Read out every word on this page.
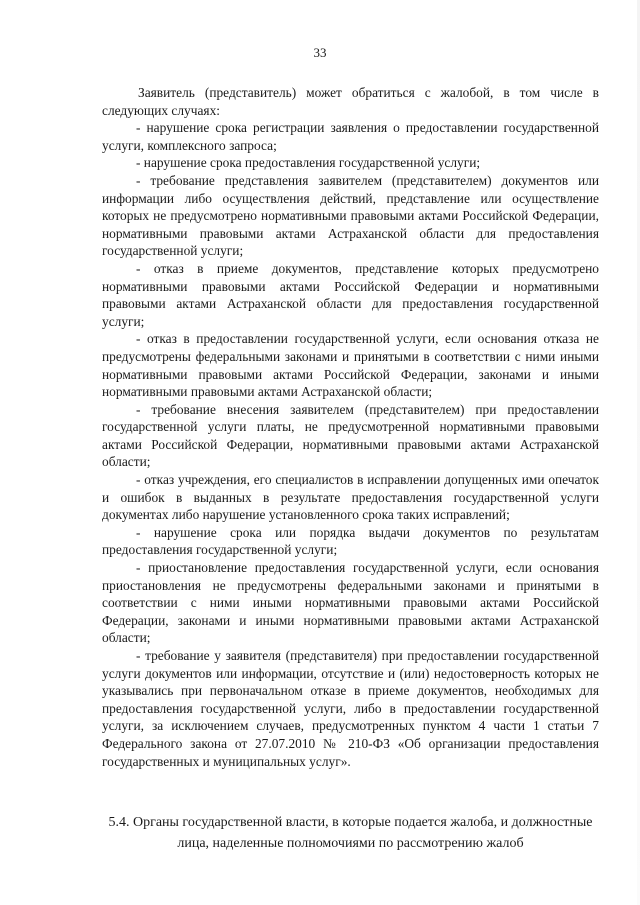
33

Заявитель (представитель) может обратиться с жалобой, в том числе в следующих случаях:

- нарушение срока регистрации заявления о предоставлении государственной услуги, комплексного запроса;

- нарушение срока предоставления государственной услуги;

- требование представления заявителем (представителем) документов или информации либо осуществления действий, представление или осуществление которых не предусмотрено нормативными правовыми актами Российской Федерации, нормативными правовыми актами Астраханской области для предоставления государственной услуги;

- отказ в приеме документов, представление которых предусмотрено нормативными правовыми актами Российской Федерации и нормативными правовыми актами Астраханской области для предоставления государственной услуги;

- отказ в предоставлении государственной услуги, если основания отказа не предусмотрены федеральными законами и принятыми в соответствии с ними иными нормативными правовыми актами Российской Федерации, законами и иными нормативными правовыми актами Астраханской области;

- требование внесения заявителем (представителем) при предоставлении государственной услуги платы, не предусмотренной нормативными правовыми актами Российской Федерации, нормативными правовыми актами Астраханской области;

- отказ учреждения, его специалистов в исправлении допущенных ими опечаток и ошибок в выданных в результате предоставления государственной услуги документах либо нарушение установленного срока таких исправлений;

- нарушение срока или порядка выдачи документов по результатам предоставления государственной услуги;

- приостановление предоставления государственной услуги, если основания приостановления не предусмотрены федеральными законами и принятыми в соответствии с ними иными нормативными правовыми актами Российской Федерации, законами и иными нормативными правовыми актами Астраханской области;

- требование у заявителя (представителя) при предоставлении государственной услуги документов или информации, отсутствие и (или) недостоверность которых не указывались при первоначальном отказе в приеме документов, необходимых для предоставления государственной услуги, либо в предоставлении государственной услуги, за исключением случаев, предусмотренных пунктом 4 части 1 статьи 7 Федерального закона от 27.07.2010 № 210-ФЗ «Об организации предоставления государственных и муниципальных услуг».

5.4. Органы государственной власти, в которые подается жалоба, и должностные лица, наделенные полномочиями по рассмотрению жалоб
